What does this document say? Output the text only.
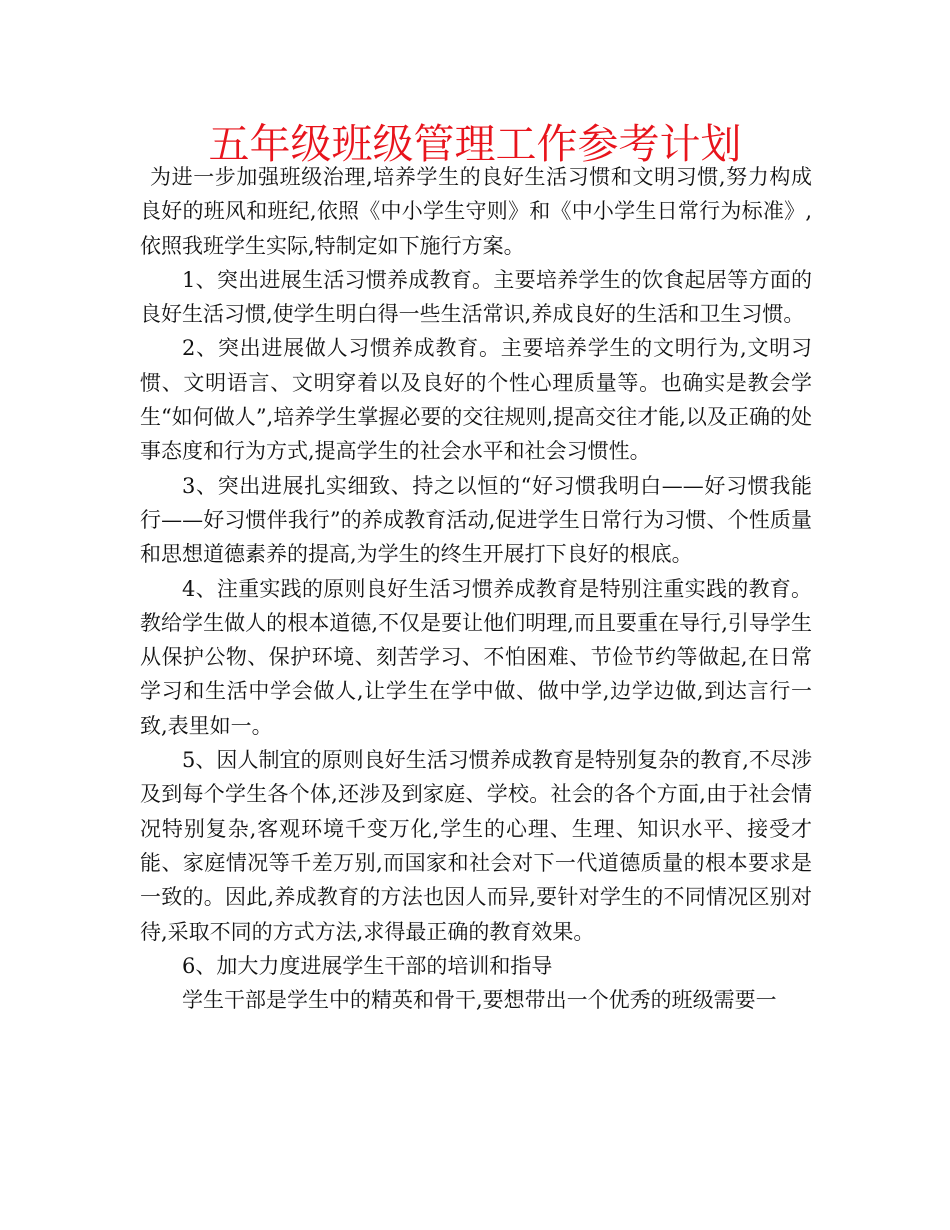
五年级班级管理工作参考计划

为进一步加强班级治理,培养学生的良好生活习惯和文明习惯,努力构成良好的班风和班纪,依照《中小学生守则》和《中小学生日常行为标准》,依照我班学生实际,特制定如下施行方案。

1、突出进展生活习惯养成教育。主要培养学生的饮食起居等方面的良好生活习惯,使学生明白得一些生活常识,养成良好的生活和卫生习惯。

2、突出进展做人习惯养成教育。主要培养学生的文明行为,文明习惯、文明语言、文明穿着以及良好的个性心理质量等。也确实是教会学生“如何做人”,培养学生掌握必要的交往规则,提高交往才能,以及正确的处事态度和行为方式,提高学生的社会水平和社会习惯性。

3、突出进展扎实细致、持之以恒的“好习惯我明白——好习惯我能行——好习惯伴我行”的养成教育活动,促进学生日常行为习惯、个性质量和思想道德素养的提高,为学生的终生开展打下良好的根底。

4、注重实践的原则良好生活习惯养成教育是特别注重实践的教育。教给学生做人的根本道德,不仅是要让他们明理,而且要重在导行,引导学生从保护公物、保护环境、刻苦学习、不怕困难、节俭节约等做起,在日常学习和生活中学会做人,让学生在学中做、做中学,边学边做,到达言行一致,表里如一。

5、因人制宜的原则良好生活习惯养成教育是特别复杂的教育,不尽涉及到每个学生各个体,还涉及到家庭、学校。社会的各个方面,由于社会情况特别复杂,客观环境千变万化,学生的心理、生理、知识水平、接受才能、家庭情况等千差万别,而国家和社会对下一代道德质量的根本要求是一致的。因此,养成教育的方法也因人而异,要针对学生的不同情况区别对待,采取不同的方式方法,求得最正确的教育效果。

6、加大力度进展学生干部的培训和指导

学生干部是学生中的精英和骨干,要想带出一个优秀的班级需要一
